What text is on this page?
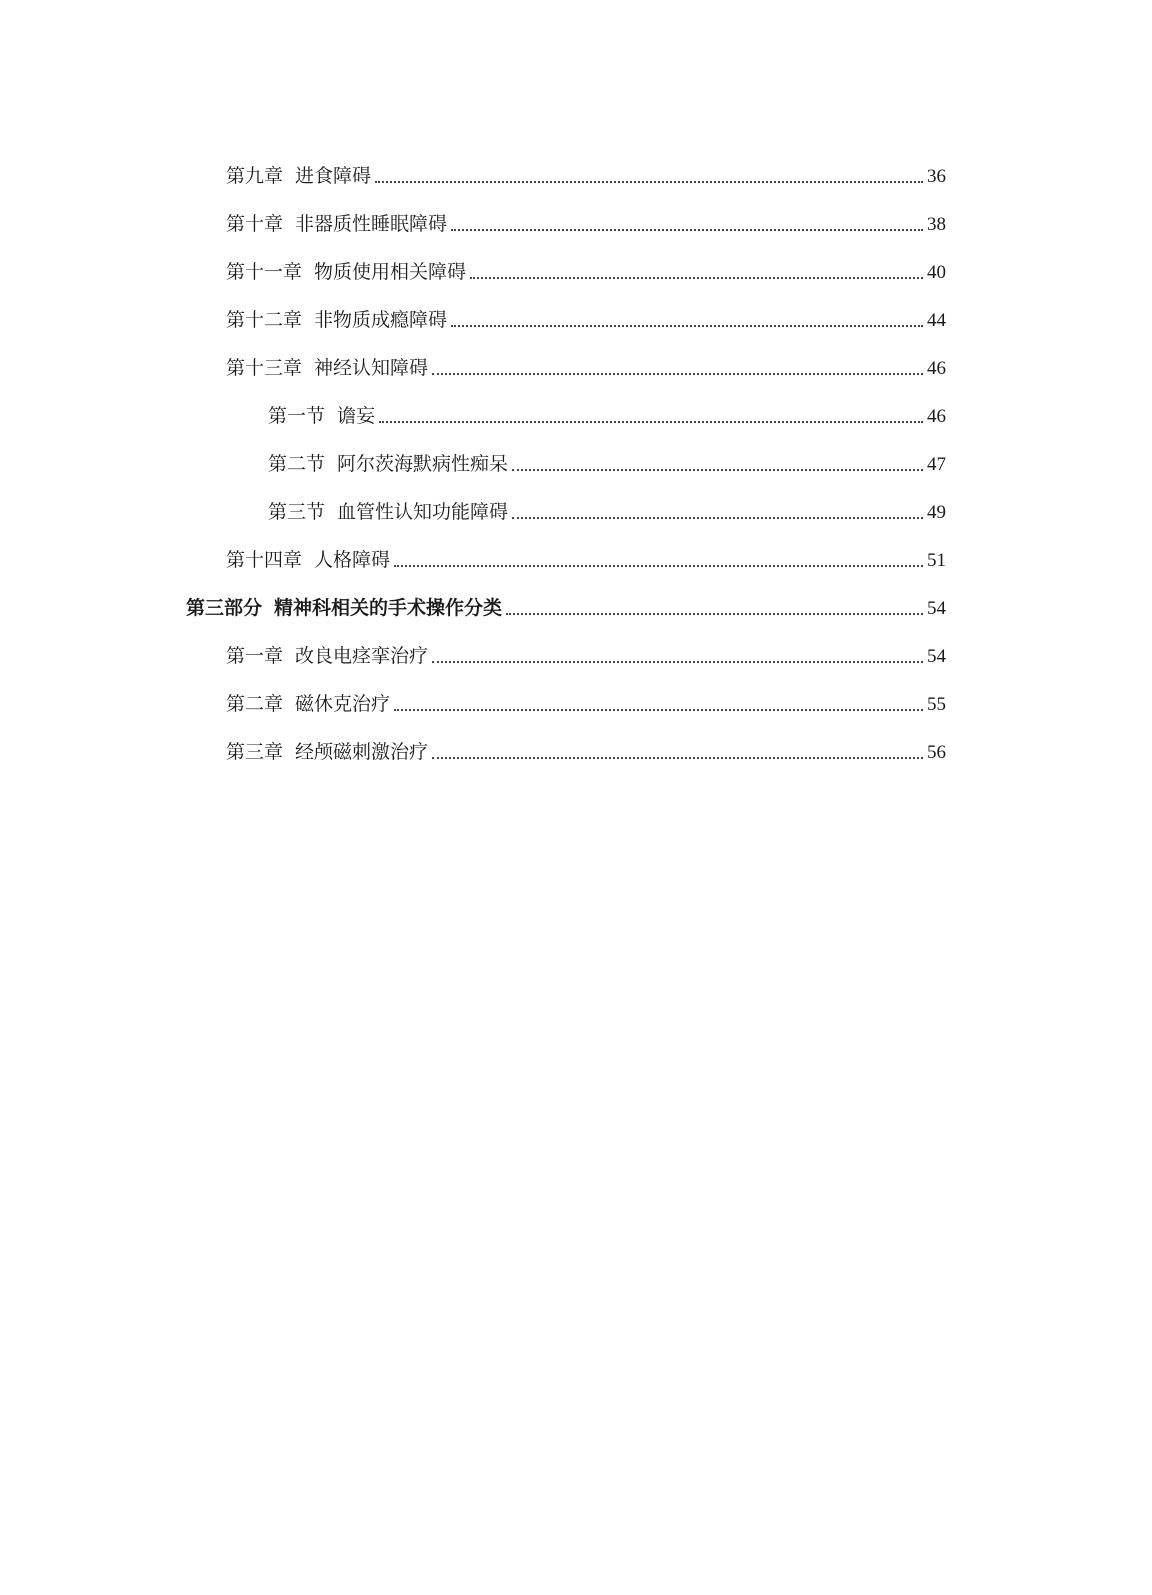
第九章 进食障碍	36
第十章 非器质性睡眠障碍	38
第十一章 物质使用相关障碍	40
第十二章 非物质成瘾障碍	44
第十三章 神经认知障碍	46
第一节 谵妄	46
第二节 阿尔茨海默病性痴呆	47
第三节 血管性认知功能障碍	49
第十四章 人格障碍	51
第三部分 精神科相关的手术操作分类	54
第一章 改良电痉挛治疗	54
第二章 磁休克治疗	55
第三章 经颅磁刺激治疗	56
